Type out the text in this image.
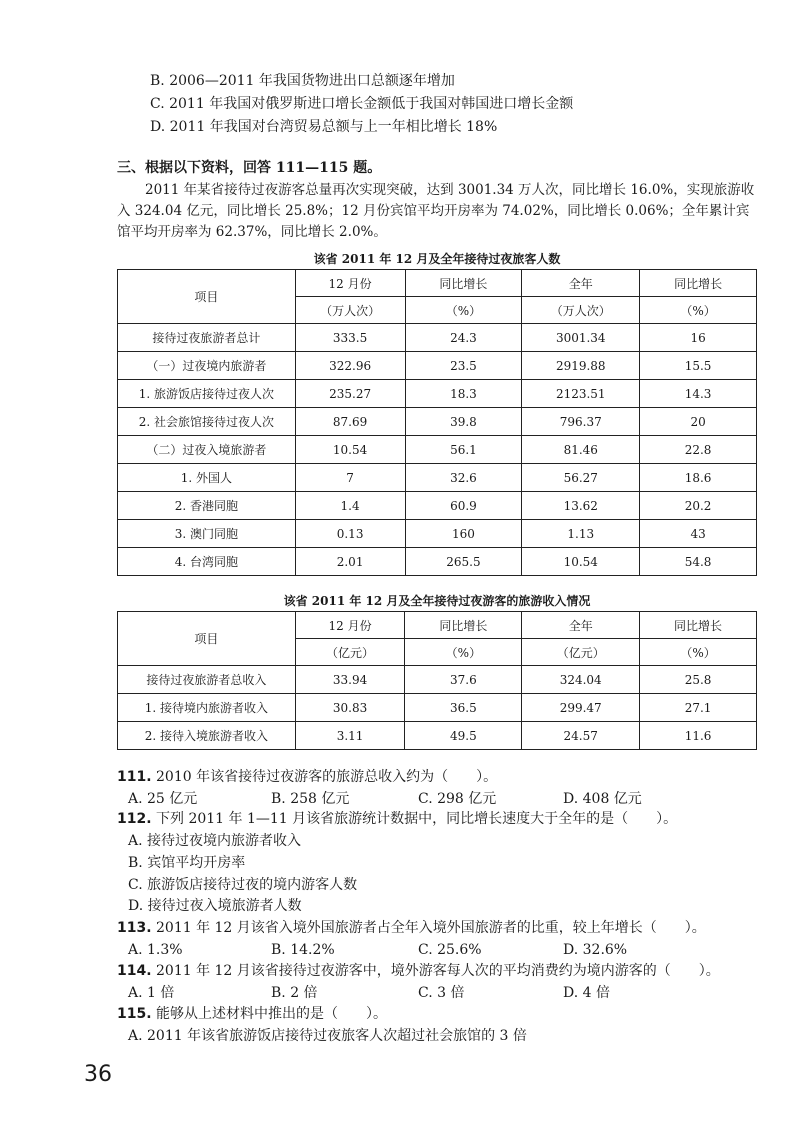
B. 2006—2011 年我国货物进出口总额逐年增加
C. 2011 年我国对俄罗斯进口增长金额低于我国对韩国进口增长金额
D. 2011 年我国对台湾贸易总额与上一年相比增长 18%
三、根据以下资料，回答 111—115 题。
2011 年某省接待过夜游客总量再次实现突破，达到 3001.34 万人次，同比增长 16.0%，实现旅游收入 324.04 亿元，同比增长 25.8%；12 月份宾馆平均开房率为 74.02%，同比增长 0.06%；全年累计宾馆平均开房率为 62.37%，同比增长 2.0%。
该省 2011 年 12 月及全年接待过夜旅客人数
项目	12 月份	同比增长	全年	同比增长
	（万人次）	（%）	（万人次）	（%）
接待过夜旅游者总计	333.5	24.3	3001.34	16
（一）过夜境内旅游者	322.96	23.5	2919.88	15.5
1. 旅游饭店接待过夜人次	235.27	18.3	2123.51	14.3
2. 社会旅馆接待过夜人次	87.69	39.8	796.37	20
（二）过夜入境旅游者	10.54	56.1	81.46	22.8
1. 外国人	7	32.6	56.27	18.6
2. 香港同胞	1.4	60.9	13.62	20.2
3. 澳门同胞	0.13	160	1.13	43
4. 台湾同胞	2.01	265.5	10.54	54.8
该省 2011 年 12 月及全年接待过夜游客的旅游收入情况
项目	12 月份	同比增长	全年	同比增长
	（亿元）	（%）	（亿元）	（%）
接待过夜旅游者总收入	33.94	37.6	324.04	25.8
1. 接待境内旅游者收入	30.83	36.5	299.47	27.1
2. 接待入境旅游者收入	3.11	49.5	24.57	11.6
111. 2010 年该省接待过夜游客的旅游总收入约为（　　）。
A. 25 亿元	B. 258 亿元	C. 298 亿元	D. 408 亿元
112. 下列 2011 年 1—11 月该省旅游统计数据中，同比增长速度大于全年的是（　　）。
A. 接待过夜境内旅游者收入
B. 宾馆平均开房率
C. 旅游饭店接待过夜的境内游客人数
D. 接待过夜入境旅游者人数
113. 2011 年 12 月该省入境外国旅游者占全年入境外国旅游者的比重，较上年增长（　　）。
A. 1.3%	B. 14.2%	C. 25.6%	D. 32.6%
114. 2011 年 12 月该省接待过夜游客中，境外游客每人次的平均消费约为境内游客的（　　）。
A. 1 倍	B. 2 倍	C. 3 倍	D. 4 倍
115. 能够从上述材料中推出的是（　　）。
A. 2011 年该省旅游饭店接待过夜旅客人次超过社会旅馆的 3 倍
36
